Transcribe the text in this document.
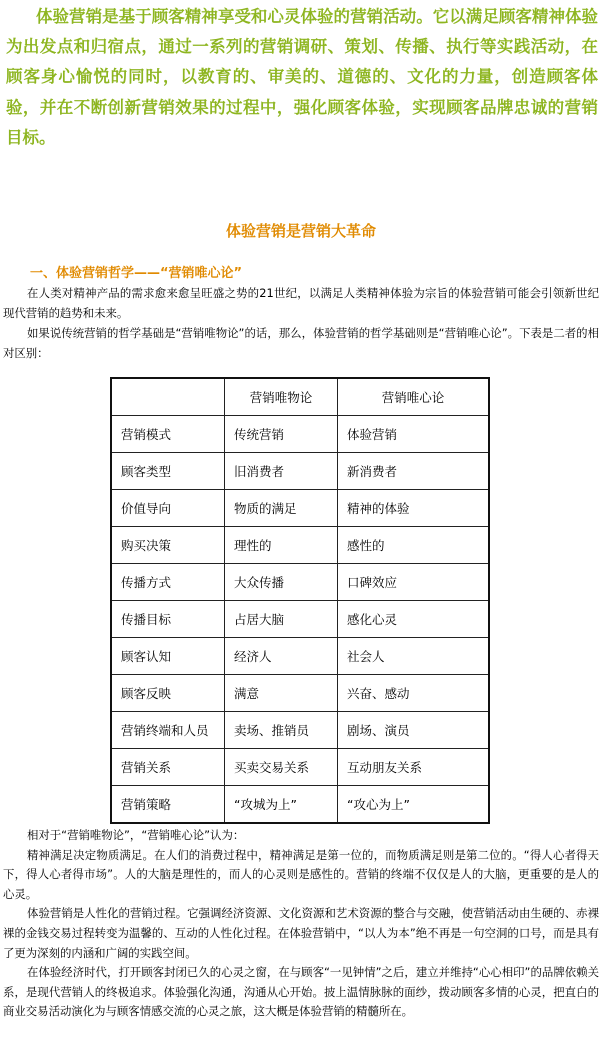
体验营销是基于顾客精神享受和心灵体验的营销活动。它以满足顾客精神体验为出发点和归宿点，通过一系列的营销调研、策划、传播、执行等实践活动，在顾客身心愉悦的同时，以教育的、审美的、道德的、文化的力量，创造顾客体验，并在不断创新营销效果的过程中，强化顾客体验，实现顾客品牌忠诚的营销目标。

体验营销是营销大革命
一、体验营销哲学——“营销唯心论”

在人类对精神产品的需求愈来愈呈旺盛之势的21世纪，以满足人类精神体验为宗旨的体验营销可能会引领新世纪现代营销的趋势和未来。

如果说传统营销的哲学基础是“营销唯物论”的话，那么，体验营销的哲学基础则是“营销唯心论”。下表是二者的相对区别：

	营销唯物论	营销唯心论
营销模式	传统营销	体验营销
顾客类型	旧消费者	新消费者
价值导向	物质的满足	精神的体验
购买决策	理性的	感性的
传播方式	大众传播	口碑效应
传播目标	占居大脑	感化心灵
顾客认知	经济人	社会人
顾客反映	满意	兴奋、感动
营销终端和人员	卖场、推销员	剧场、演员
营销关系	买卖交易关系	互动朋友关系
营销策略	“攻城为上”	“攻心为上”

相对于“营销唯物论”，“营销唯心论”认为：

精神满足决定物质满足。在人们的消费过程中，精神满足是第一位的，而物质满足则是第二位的。“得人心者得天下，得人心者得市场”。人的大脑是理性的，而人的心灵则是感性的。营销的终端不仅仅是人的大脑，更重要的是人的心灵。

体验营销是人性化的营销过程。它强调经济资源、文化资源和艺术资源的整合与交融，使营销活动由生硬的、赤裸裸的金钱交易过程转变为温馨的、互动的人性化过程。在体验营销中，“以人为本”绝不再是一句空洞的口号，而是具有了更为深刻的内涵和广阔的实践空间。

在体验经济时代，打开顾客封闭已久的心灵之窗，在与顾客“一见钟情”之后，建立并维持“心心相印”的品牌依赖关系，是现代营销人的终极追求。体验强化沟通，沟通从心开始。披上温情脉脉的面纱，拨动顾客多情的心灵，把直白的商业交易活动演化为与顾客情感交流的心灵之旅，这大概是体验营销的精髓所在。
